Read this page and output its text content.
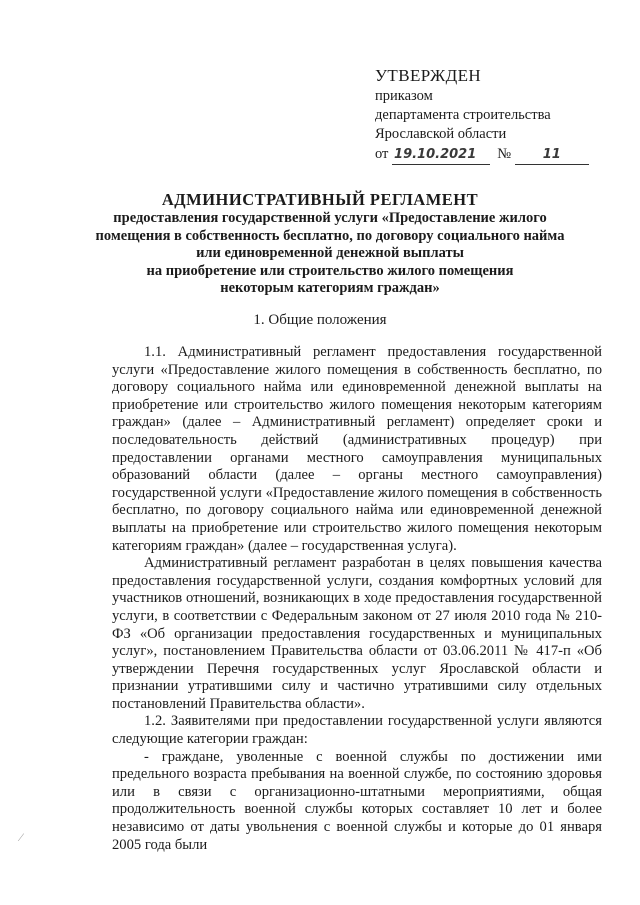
УТВЕРЖДЕН
приказом
департамента строительства
Ярославской области
от 19.10.2021 № 11
АДМИНИСТРАТИВНЫЙ РЕГЛАМЕНТ
предоставления государственной услуги «Предоставление жилого
помещения в собственность бесплатно, по договору социального найма
или единовременной денежной выплаты
на приобретение или строительство жилого помещения
некоторым категориям граждан»
1. Общие положения

1.1. Административный регламент предоставления государственной услуги «Предоставление жилого помещения в собственность бесплатно, по договору социального найма или единовременной денежной выплаты на приобретение или строительство жилого помещения некоторым категориям граждан» (далее – Административный регламент) определяет сроки и последовательность действий (административных процедур) при предоставлении органами местного самоуправления муниципальных образований области (далее – органы местного самоуправления) государственной услуги «Предоставление жилого помещения в собственность бесплатно, по договору социального найма или единовременной денежной выплаты на приобретение или строительство жилого помещения некоторым категориям граждан» (далее – государственная услуга).

Административный регламент разработан в целях повышения качества предоставления государственной услуги, создания комфортных условий для участников отношений, возникающих в ходе предоставления государственной услуги, в соответствии с Федеральным законом от 27 июля 2010 года № 210-ФЗ «Об организации предоставления государственных и муниципальных услуг», постановлением Правительства области от 03.06.2011 № 417-п «Об утверждении Перечня государственных услуг Ярославской области и признании утратившими силу и частично утратившими силу отдельных постановлений Правительства области».

1.2. Заявителями при предоставлении государственной услуги являются следующие категории граждан:

- граждане, уволенные с военной службы по достижении ими предельного возраста пребывания на военной службе, по состоянию здоровья или в связи с организационно-штатными мероприятиями, общая продолжительность военной службы которых составляет 10 лет и более независимо от даты увольнения с военной службы и которые до 01 января 2005 года были
⁄
